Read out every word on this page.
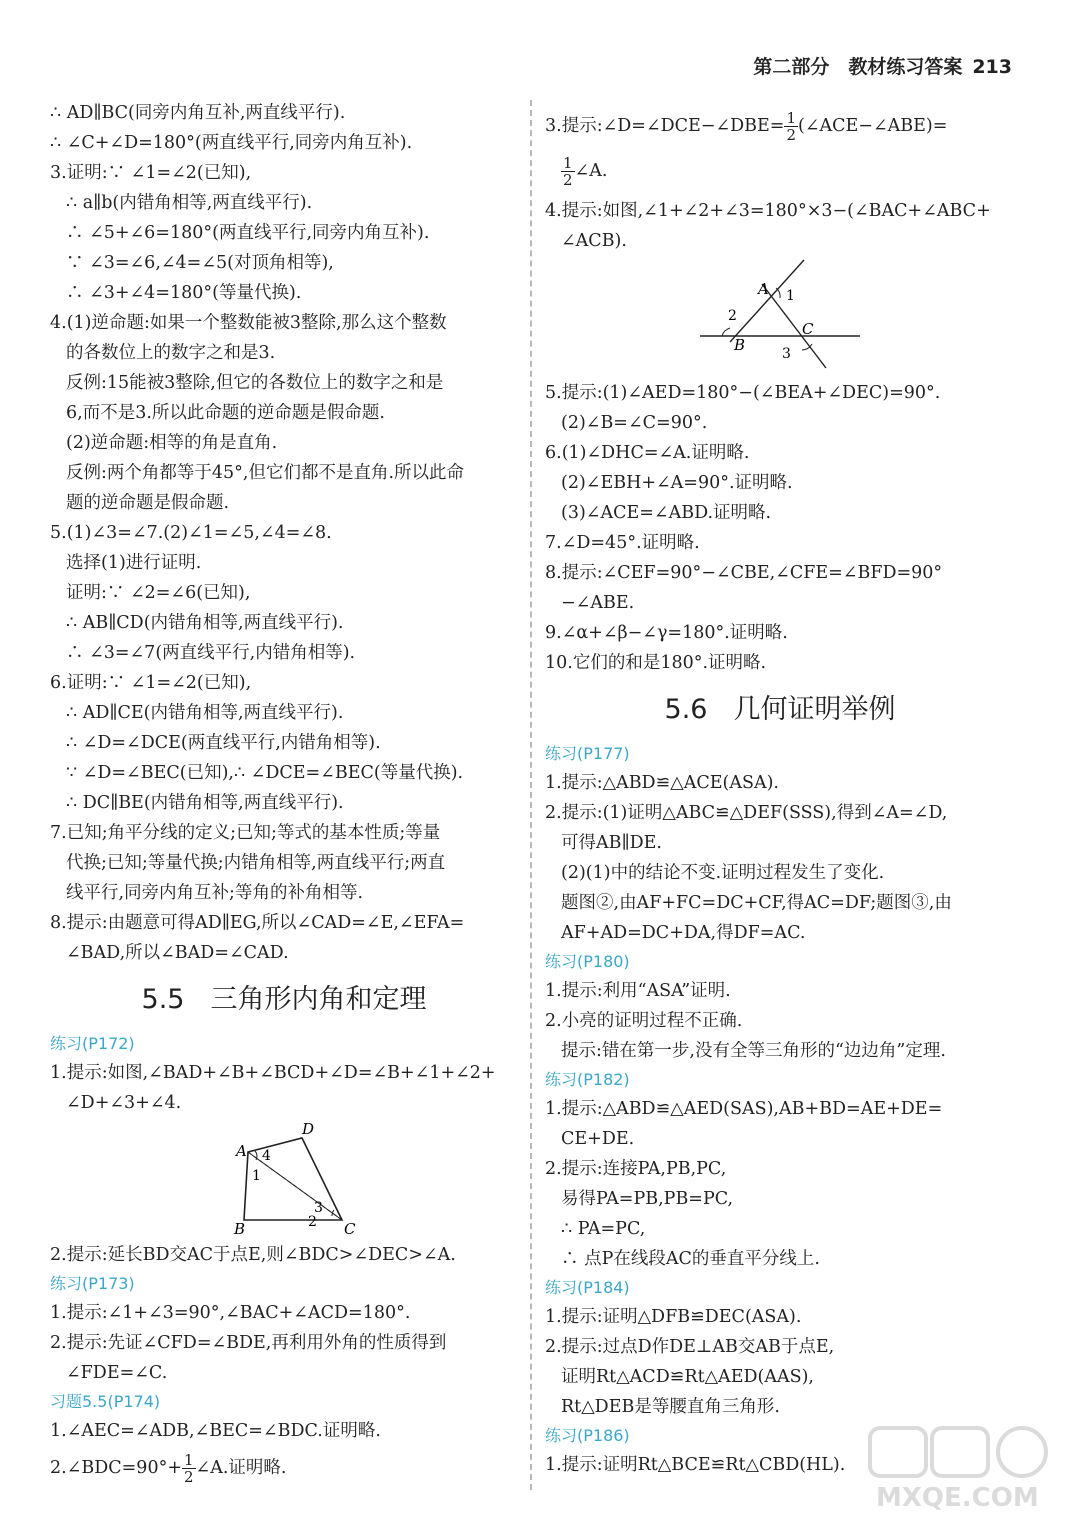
第二部分　教材练习答案 213
∴ AD∥BC(同旁内角互补,两直线平行).
∴ ∠C+∠D=180°(两直线平行,同旁内角互补).
3.证明:∵ ∠1=∠2(已知),
∴ a∥b(内错角相等,两直线平行).
∴ ∠5+∠6=180°(两直线平行,同旁内角互补).
∵ ∠3=∠6,∠4=∠5(对顶角相等),
∴ ∠3+∠4=180°(等量代换).
4.(1)逆命题:如果一个整数能被3整除,那么这个整数
的各数位上的数字之和是3.
反例:15能被3整除,但它的各数位上的数字之和是
6,而不是3.所以此命题的逆命题是假命题.
(2)逆命题:相等的角是直角.
反例:两个角都等于45°,但它们都不是直角.所以此命
题的逆命题是假命题.
5.(1)∠3=∠7.(2)∠1=∠5,∠4=∠8.
选择(1)进行证明.
证明:∵ ∠2=∠6(已知),
∴ AB∥CD(内错角相等,两直线平行).
∴ ∠3=∠7(两直线平行,内错角相等).
6.证明:∵ ∠1=∠2(已知),
∴ AD∥CE(内错角相等,两直线平行).
∴ ∠D=∠DCE(两直线平行,内错角相等).
∵ ∠D=∠BEC(已知),∴ ∠DCE=∠BEC(等量代换).
∴ DC∥BE(内错角相等,两直线平行).
7.已知;角平分线的定义;已知;等式的基本性质;等量
代换;已知;等量代换;内错角相等,两直线平行;两直
线平行,同旁内角互补;等角的补角相等.
8.提示:由题意可得AD∥EG,所以∠CAD=∠E,∠EFA=
∠BAD,所以∠BAD=∠CAD.
5.5 三角形内角和定理
练习(P172)
1.提示:如图,∠BAD+∠B+∠BCD+∠D=∠B+∠1+∠2+
∠D+∠3+∠4.
A
D
B	C
4
1
3
2
2.提示:延长BD交AC于点E,则∠BDC>∠DEC>∠A.
练习(P173)
1.提示:∠1+∠3=90°,∠BAC+∠ACD=180°.
2.提示:先证∠CFD=∠BDE,再利用外角的性质得到
∠FDE=∠C.
习题5.5(P174)
1.∠AEC=∠ADB,∠BEC=∠BDC.证明略.
2.∠BDC=90°+ $\frac{1}{2}$ ∠A.证明略.
3.提示:∠D=∠DCE−∠DBE= $\frac{1}{2}$ (∠ACE−∠ABE)=
$\frac{1}{2}$ ∠A.
4.提示:如图,∠1+∠2+∠3=180°×3−(∠BAC+∠ABC+
∠ACB).
A
B
C
1
2
3
5.提示:(1)∠AED=180°−(∠BEA+∠DEC)=90°.
(2)∠B=∠C=90°.
6.(1)∠DHC=∠A.证明略.
(2)∠EBH+∠A=90°.证明略.
(3)∠ACE=∠ABD.证明略.
7.∠D=45°.证明略.
8.提示:∠CEF=90°−∠CBE,∠CFE=∠BFD=90°
−∠ABE.
9.∠α+∠β−∠γ=180°.证明略.
10.它们的和是180°.证明略.
5.6 几何证明举例
练习(P177)
1.提示:△ABD≌△ACE(ASA).
2.提示:(1)证明△ABC≌△DEF(SSS),得到∠A=∠D,
可得AB∥DE.
(2)(1)中的结论不变.证明过程发生了变化.
题图②,由AF+FC=DC+CF,得AC=DF;题图③,由
AF+AD=DC+DA,得DF=AC.
练习(P180)
1.提示:利用“ASA”证明.
2.小亮的证明过程不正确.
提示:错在第一步,没有全等三角形的“边边角”定理.
练习(P182)
1.提示:△ABD≌△AED(SAS),AB+BD=AE+DE=
CE+DE.
2.提示:连接PA,PB,PC,
易得PA=PB,PB=PC,
∴ PA=PC,
∴ 点P在线段AC的垂直平分线上.
练习(P184)
1.提示:证明△DFB≌DEC(ASA).
2.提示:过点D作DE⊥AB交AB于点E,
证明Rt△ACD≌Rt△AED(AAS),
Rt△DEB是等腰直角三角形.
练习(P186)
1.提示:证明Rt△BCE≌Rt△CBD(HL).
MXQE.COM
